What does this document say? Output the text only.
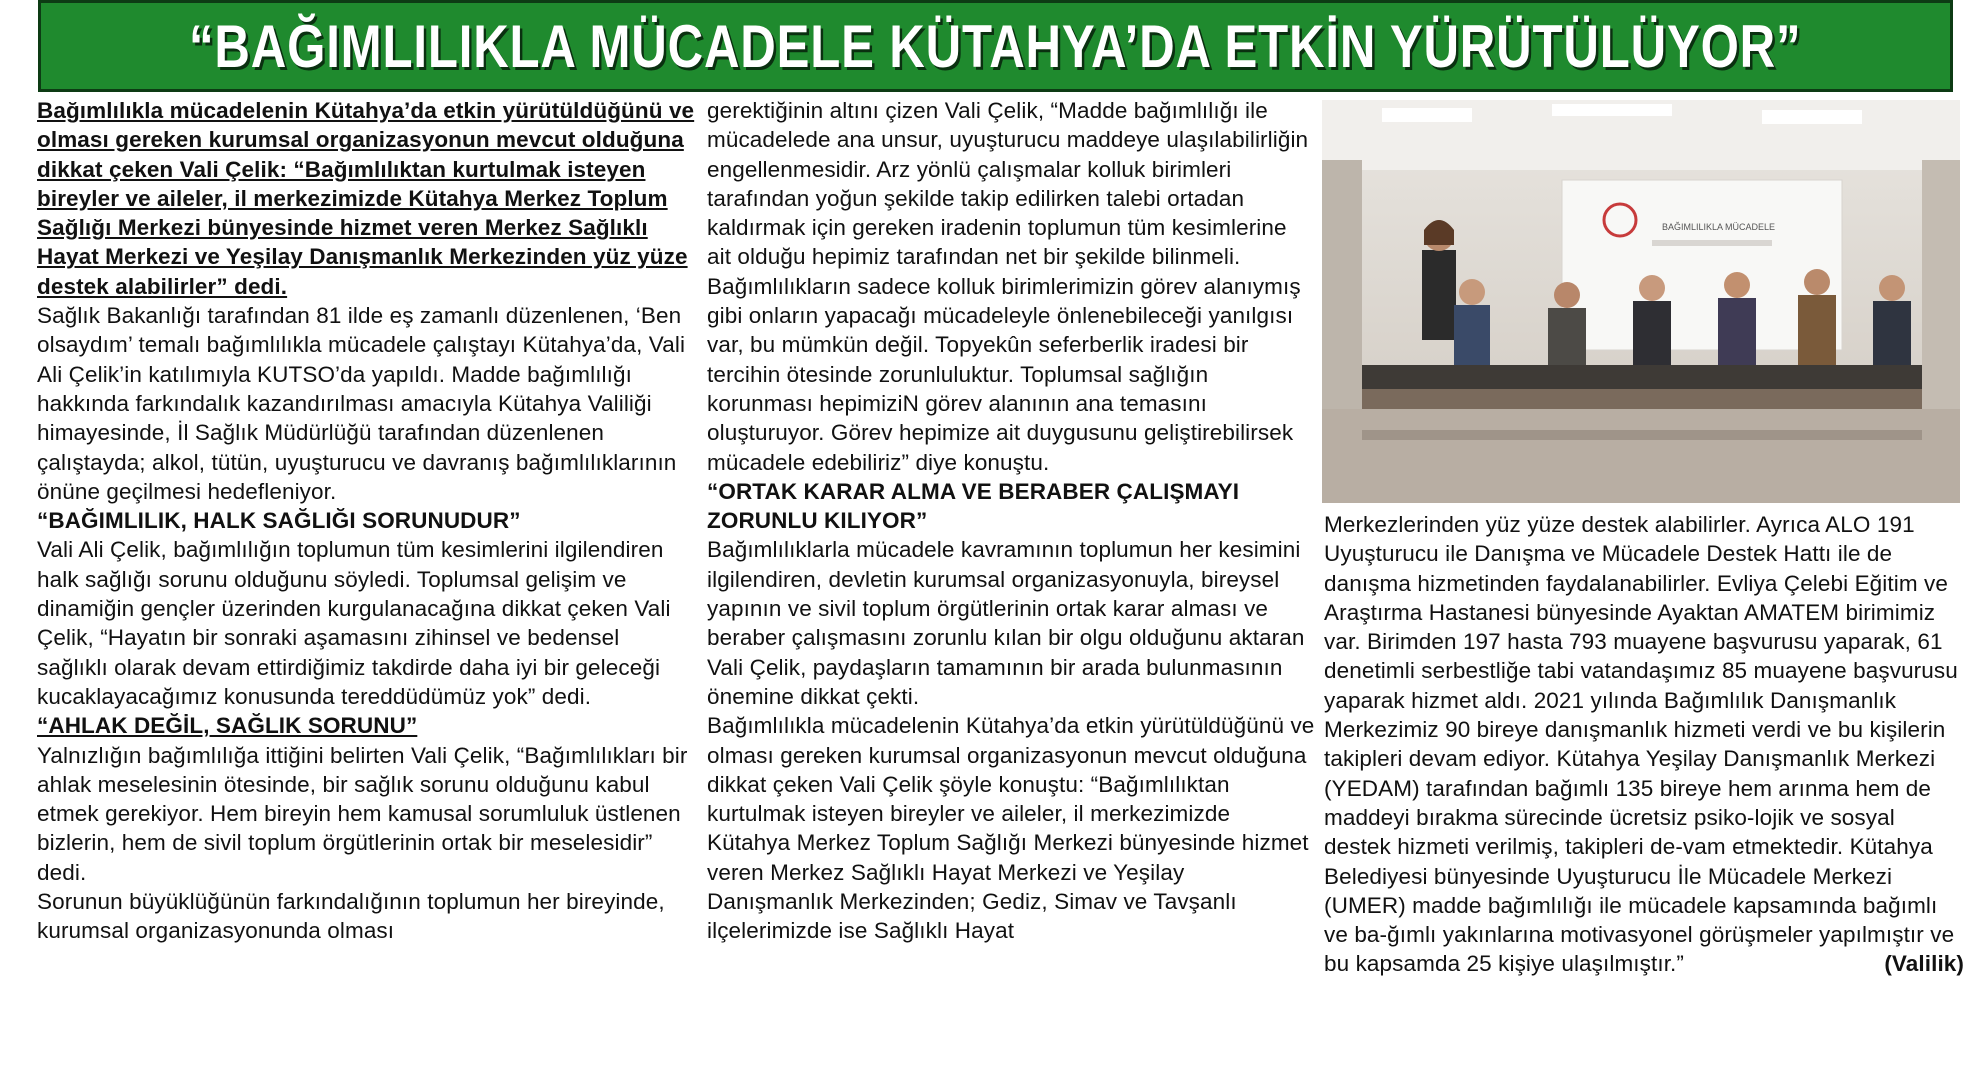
“BAĞIMLILIKLA MÜCADELE KÜTAHYA’DA ETKİN YÜRÜTÜLÜYOR”

Bağımlılıkla mücadelenin Kütahya’da etkin yürütüldüğünü ve olması gereken kurumsal organizasyonun mevcut olduğuna dikkat çeken Vali Çelik: “Bağımlılıktan kurtulmak isteyen bireyler ve aileler, il merkezimizde Kütahya Merkez Toplum Sağlığı Merkezi bünyesinde hizmet veren Merkez Sağlıklı Hayat Merkezi ve Yeşilay Danışmanlık Merkezinden yüz yüze destek alabilirler” dedi.

Sağlık Bakanlığı tarafından 81 ilde eş zamanlı düzenlenen, ‘Ben olsaydım’ temalı bağımlılıkla mücadele çalıştayı Kütahya’da, Vali Ali Çelik’in katılımıyla KUTSO’da yapıldı. Madde bağımlılığı hakkında farkındalık kazandırılması amacıyla Kütahya Valiliği himayesinde, İl Sağlık Müdürlüğü tarafından düzenlenen çalıştayda; alkol, tütün, uyuşturucu ve davranış bağımlılıklarının önüne geçilmesi hedefleniyor.

“BAĞIMLILIK, HALK SAĞLIĞI SORUNUDUR”

Vali Ali Çelik, bağımlılığın toplumun tüm kesimlerini ilgilendiren halk sağlığı sorunu olduğunu söyledi. Toplumsal gelişim ve dinamiğin gençler üzerinden kurgulanacağına dikkat çeken Vali Çelik, “Hayatın bir sonraki aşamasını zihinsel ve bedensel sağlıklı olarak devam ettirdiğimiz takdirde daha iyi bir geleceği kucaklayacağımız konusunda tereddüdümüz yok” dedi.

“AHLAK DEĞİL, SAĞLIK SORUNU”

Yalnızlığın bağımlılığa ittiğini belirten Vali Çelik, “Bağımlılıkları bir ahlak meselesinin ötesinde, bir sağlık sorunu olduğunu kabul etmek gerekiyor. Hem bireyin hem kamusal sorumluluk üstlenen bizlerin, hem de sivil toplum örgütlerinin ortak bir meselesidir” dedi.

Sorunun büyüklüğünün farkındalığının toplumun her bireyinde, kurumsal organizasyonunda olması

gerektiğinin altını çizen Vali Çelik, “Madde bağımlılığı ile mücadelede ana unsur, uyuşturucu maddeye ulaşılabilirliğin engellenmesidir. Arz yönlü çalışmalar kolluk birimleri tarafından yoğun şekilde takip edilirken talebi ortadan kaldırmak için gereken iradenin toplumun tüm kesimlerine ait olduğu hepimiz tarafından net bir şekilde bilinmeli. Bağımlılıkların sadece kolluk birimlerimizin görev alanıymış gibi onların yapacağı mücadeleyle önlenebileceği yanılgısı var, bu mümkün değil. Topyekûn seferberlik iradesi bir tercihin ötesinde zorunluluktur. Toplumsal sağlığın korunması hepimiziN görev alanının ana temasını oluşturuyor. Görev hepimize ait duygusunu geliştirebilirsek mücadele edebiliriz” diye konuştu.

“ORTAK KARAR ALMA VE BERABER ÇALIŞMAYI ZORUNLU KILIYOR”

Bağımlılıklarla mücadele kavramının toplumun her kesimini ilgilendiren, devletin kurumsal organizasyonuyla, bireysel yapının ve sivil toplum örgütlerinin ortak karar alması ve beraber çalışmasını zorunlu kılan bir olgu olduğunu aktaran Vali Çelik, paydaşların tamamının bir arada bulunmasının önemine dikkat çekti.

Bağımlılıkla mücadelenin Kütahya’da etkin yürütüldüğünü ve olması gereken kurumsal organizasyonun mevcut olduğuna dikkat çeken Vali Çelik şöyle konuştu: “Bağımlılıktan kurtulmak isteyen bireyler ve aileler, il merkezimizde Kütahya Merkez Toplum Sağlığı Merkezi bünyesinde hizmet veren Merkez Sağlıklı Hayat Merkezi ve Yeşilay Danışmanlık Merkezinden; Gediz, Simav ve Tavşanlı ilçelerimizde ise Sağlıklı Hayat

BAĞIMLILIKLA MÜCADELE

Merkezlerinden yüz yüze destek alabilirler. Ayrıca ALO 191 Uyuşturucu ile Danışma ve Mücadele Destek Hattı ile de danışma hizmetinden faydalanabilirler. Evliya Çelebi Eğitim ve Araştırma Hastanesi bünyesinde Ayaktan AMATEM birimimiz var. Birimden 197 hasta 793 muayene başvurusu yaparak, 61 denetimli serbestliğe tabi vatandaşımız 85 muayene başvurusu yaparak hizmet aldı. 2021 yılında Bağımlılık Danışmanlık Merkezimiz 90 bireye danışmanlık hizmeti verdi ve bu kişilerin takipleri devam ediyor. Kütahya Yeşilay Danışmanlık Merkezi (YEDAM) tarafından bağımlı 135 bireye hem arınma hem de maddeyi bırakma sürecinde ücretsiz psiko-lojik ve sosyal destek hizmeti verilmiş, takipleri de-vam etmektedir. Kütahya Belediyesi bünyesinde Uyuşturucu İle Mücadele Merkezi (UMER) madde bağımlılığı ile mücadele kapsamında bağımlı ve ba-ğımlı yakınlarına motivasyonel görüşmeler yapılmıştır ve bu kapsamda 25 kişiye ulaşılmıştır.”	(Valilik)
